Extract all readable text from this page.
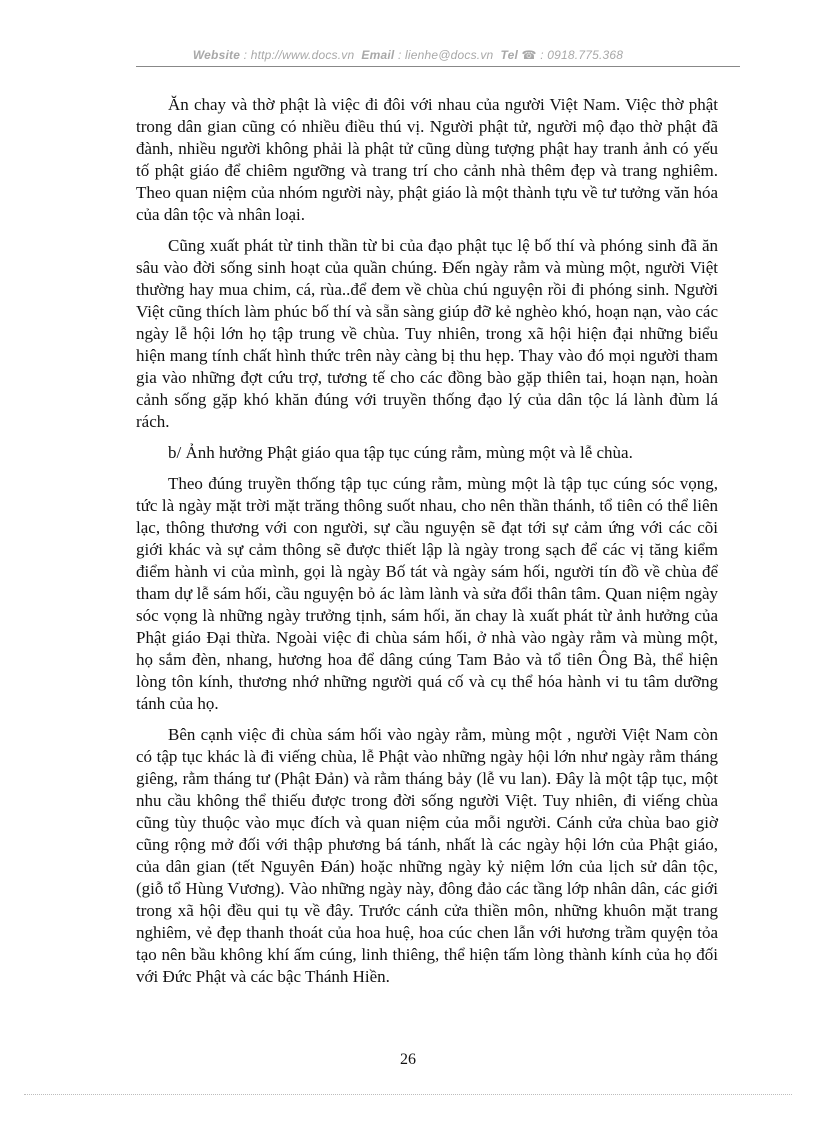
Website : http://www.docs.vn Email : lienhe@docs.vn Tel ☎ : 0918.775.368

Ăn chay và thờ phật là việc đi đôi với nhau của người Việt Nam. Việc thờ phật trong dân gian cũng có nhiều điều thú vị. Người phật tử, người mộ đạo thờ phật đã đành, nhiều người không phải là phật tử cũng dùng tượng phật hay tranh ảnh có yếu tố phật giáo để chiêm ngưỡng và trang trí cho cảnh nhà thêm đẹp và trang nghiêm. Theo quan niệm của nhóm người này, phật giáo là một thành tựu về tư tưởng văn hóa của dân tộc và nhân loại.

Cũng xuất phát từ tinh thần từ bi của đạo phật tục lệ bố thí và phóng sinh đã ăn sâu vào đời sống sinh hoạt của quần chúng. Đến ngày rằm và mùng một, người Việt thường hay mua chim, cá, rùa..để đem về chùa chú nguyện rồi đi phóng sinh. Người Việt cũng thích làm phúc bố thí và sẵn sàng giúp đỡ kẻ nghèo khó, hoạn nạn, vào các ngày lễ hội lớn họ tập trung về chùa. Tuy nhiên, trong xã hội hiện đại những biểu hiện mang tính chất hình thức trên này càng bị thu hẹp. Thay vào đó mọi người tham gia vào những đợt cứu trợ, tương tế cho các đồng bào gặp thiên tai, hoạn nạn, hoàn cảnh sống gặp khó khăn đúng với truyền thống đạo lý của dân tộc lá lành đùm lá rách.

b/ Ảnh hưởng Phật giáo qua tập tục cúng rằm, mùng một và lễ chùa.

Theo đúng truyền thống tập tục cúng rằm, mùng một là tập tục cúng sóc vọng, tức là ngày mặt trời mặt trăng thông suốt nhau, cho nên thần thánh, tổ tiên có thể liên lạc, thông thương với con người, sự cầu nguyện sẽ đạt tới sự cảm ứng với các cõi giới khác và sự cảm thông sẽ được thiết lập là ngày trong sạch để các vị tăng kiểm điểm hành vi của mình, gọi là ngày Bố tát và ngày sám hối, người tín đồ về chùa để tham dự lễ sám hối, cầu nguyện bỏ ác làm lành và sửa đổi thân tâm. Quan niệm ngày sóc vọng là những ngày trưởng tịnh, sám hối, ăn chay là xuất phát từ ảnh hưởng của Phật giáo Đại thừa. Ngoài việc đi chùa sám hối, ở nhà vào ngày rằm và mùng một, họ sắm đèn, nhang, hương hoa để dâng cúng Tam Bảo và tổ tiên Ông Bà, thể hiện lòng tôn kính, thương nhớ những người quá cố và cụ thể hóa hành vi tu tâm dưỡng tánh của họ.

Bên cạnh việc đi chùa sám hối vào ngày rằm, mùng một , người Việt Nam còn có tập tục khác là đi viếng chùa, lễ Phật vào những ngày hội lớn như ngày rằm tháng giêng, rằm tháng tư (Phật Đản) và rằm tháng bảy (lễ vu lan). Đây là một tập tục, một nhu cầu không thể thiếu được trong đời sống người Việt. Tuy nhiên, đi viếng chùa cũng tùy thuộc vào mục đích và quan niệm của mỗi người. Cánh cửa chùa bao giờ cũng rộng mở đối với thập phương bá tánh, nhất là các ngày hội lớn của Phật giáo, của dân gian (tết Nguyên Đán) hoặc những ngày kỷ niệm lớn của lịch sử dân tộc, (giỗ tổ Hùng Vương). Vào những ngày này, đông đảo các tầng lớp nhân dân, các giới trong xã hội đều qui tụ về đây. Trước cánh cửa thiền môn, những khuôn mặt trang nghiêm, vẻ đẹp thanh thoát của hoa huệ, hoa cúc chen lẫn với hương trầm quyện tỏa tạo nên bầu không khí ấm cúng, linh thiêng, thể hiện tấm lòng thành kính của họ đối với Đức Phật và các bậc Thánh Hiền.

26
